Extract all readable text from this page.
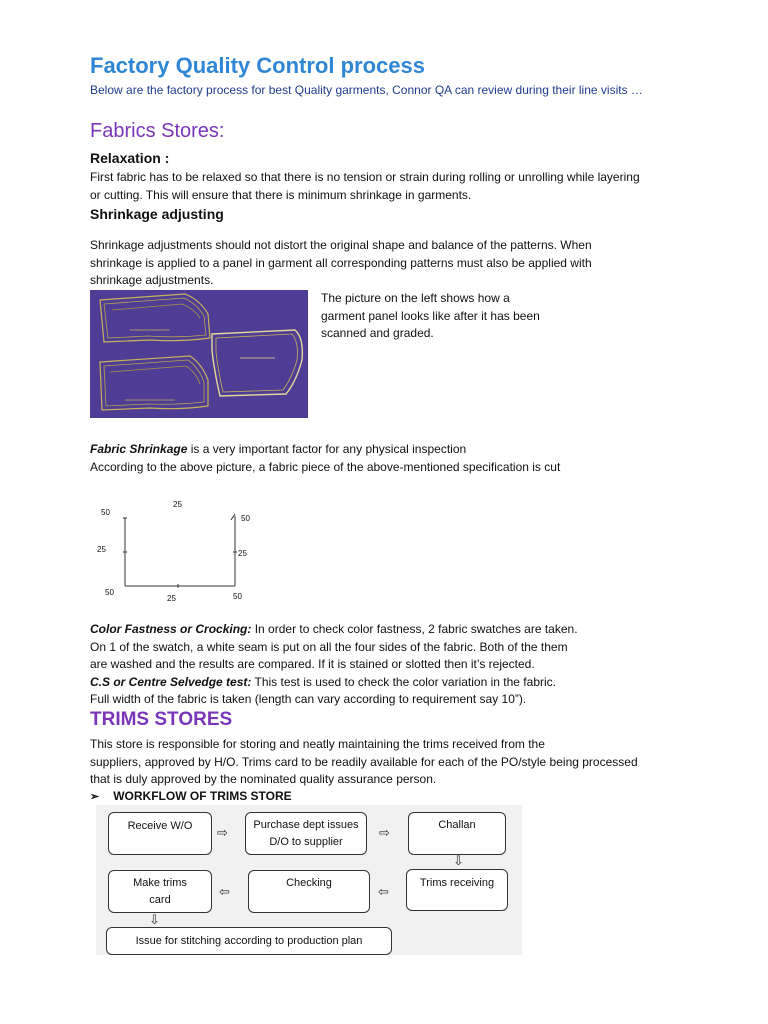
Factory Quality Control process
Below are the factory process for best Quality garments, Connor QA can review during their line visits …
Fabrics Stores:
Relaxation :
First fabric has to be relaxed so that there is no tension or strain during rolling or unrolling while layering
or cutting. This will ensure that there is minimum shrinkage in garments.
Shrinkage adjusting
Shrinkage adjustments should not distort the original shape and balance of the patterns. When
shrinkage is applied to a panel in garment all corresponding patterns must also be applied with
shrinkage adjustments.
The picture on the left shows how a
garment panel looks like after it has been
scanned and graded.
Fabric Shrinkage is a very important factor for any physical inspection
According to the above picture, a fabric piece of the above-mentioned specification is cut
25
50
50
25	25
50
25	50
Color Fastness or Crocking: In order to check color fastness, 2 fabric swatches are taken.
On 1 of the swatch, a white seam is put on all the four sides of the fabric. Both of the them
are washed and the results are compared. If it is stained or slotted then it’s rejected.
C.S or Centre Selvedge test: This test is used to check the color variation in the fabric.
Full width of the fabric is taken (length can vary according to requirement say 10”).
TRIMS STORES
This store is responsible for storing and neatly maintaining the trims received from the
suppliers, approved by H/O. Trims card to be readily available for each of the PO/style being processed
that is duly approved by the nominated quality assurance person.
➢ WORKFLOW OF TRIMS STORE
Receive W/O	⇨	Purchase dept issues
D/O to supplier
⇨	Challan
⇩
Make trims
card
⇦
Checking
⇦
Trims receiving
⇩
Issue for stitching according to production plan
